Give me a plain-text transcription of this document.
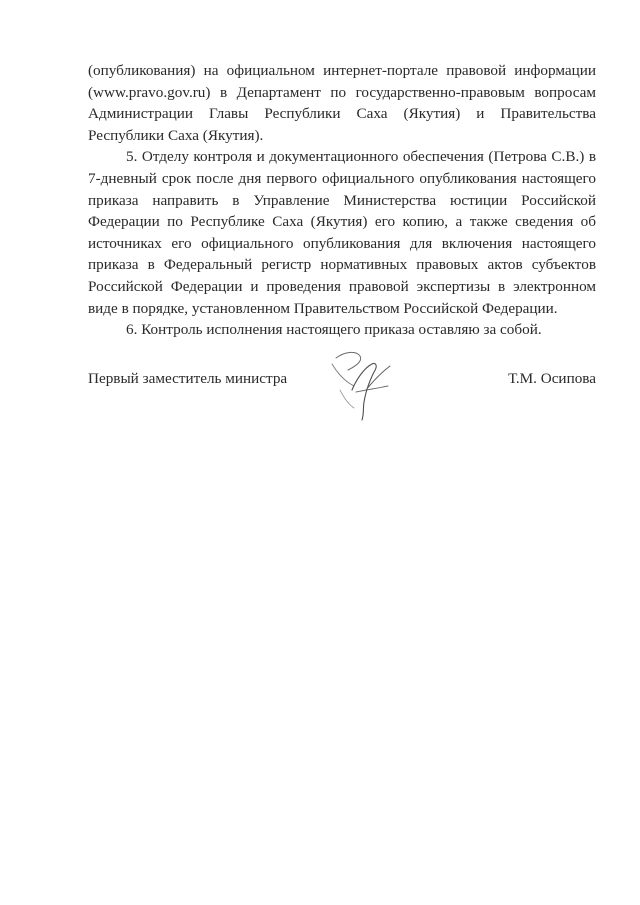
(опубликования) на официальном интернет-портале правовой информации (www.pravo.gov.ru) в Департамент по государственно-правовым вопросам Администрации Главы Республики Саха (Якутия) и Правительства Республики Саха (Якутия).

5. Отделу контроля и документационного обеспечения (Петрова С.В.) в 7-дневный срок после дня первого официального опубликования настоящего приказа направить в Управление Министерства юстиции Российской Федерации по Республике Саха (Якутия) его копию, а также сведения об источниках его официального опубликования для включения настоящего приказа в Федеральный регистр нормативных правовых актов субъектов Российской Федерации и проведения правовой экспертизы в электронном виде в порядке, установленном Правительством Российской Федерации.

6. Контроль исполнения настоящего приказа оставляю за собой.

Первый заместитель министра	Т.М. Осипова
